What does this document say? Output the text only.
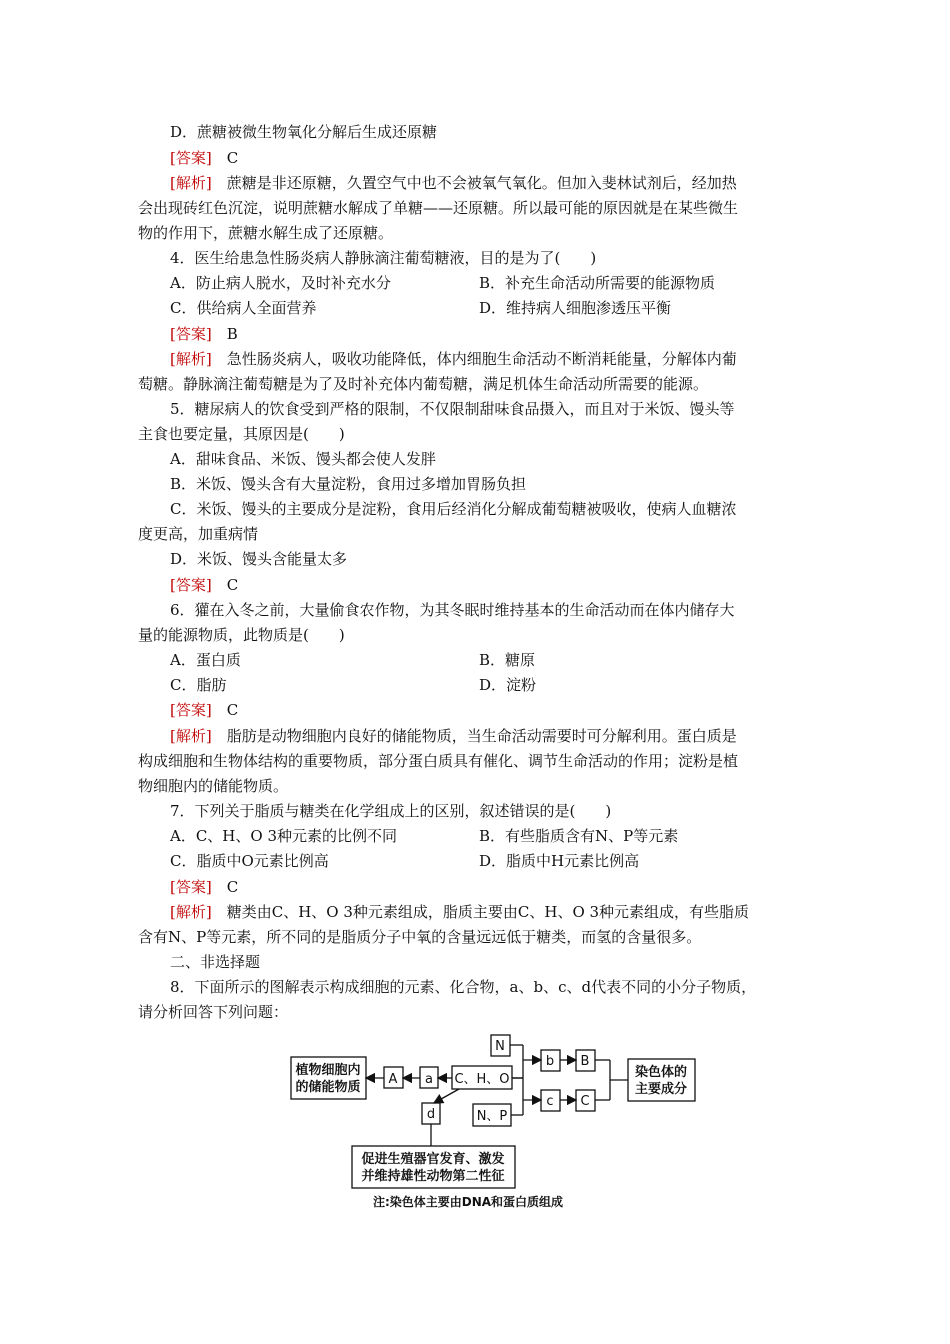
D．蔗糖被微生物氧化分解后生成还原糖
[答案]　C
[解析]　蔗糖是非还原糖，久置空气中也不会被氧气氧化。但加入斐林试剂后，经加热
会出现砖红色沉淀，说明蔗糖水解成了单糖——还原糖。所以最可能的原因就是在某些微生
物的作用下，蔗糖水解生成了还原糖。
4．医生给患急性肠炎病人静脉滴注葡萄糖液，目的是为了(　　)
A．防止病人脱水，及时补充水分	B．补充生命活动所需要的能源物质
C．供给病人全面营养	D．维持病人细胞渗透压平衡
[答案]　B
[解析]　急性肠炎病人，吸收功能降低，体内细胞生命活动不断消耗能量，分解体内葡
萄糖。静脉滴注葡萄糖是为了及时补充体内葡萄糖，满足机体生命活动所需要的能源。
5．糖尿病人的饮食受到严格的限制，不仅限制甜味食品摄入，而且对于米饭、馒头等
主食也要定量，其原因是(　　)
A．甜味食品、米饭、馒头都会使人发胖
B．米饭、馒头含有大量淀粉，食用过多增加胃肠负担
C．米饭、馒头的主要成分是淀粉，食用后经消化分解成葡萄糖被吸收，使病人血糖浓
度更高，加重病情
D．米饭、馒头含能量太多
[答案]　C
6．獾在入冬之前，大量偷食农作物，为其冬眠时维持基本的生命活动而在体内储存大
量的能源物质，此物质是(　　)
A．蛋白质	B．糖原
C．脂肪	D．淀粉
[答案]　C
[解析]　脂肪是动物细胞内良好的储能物质，当生命活动需要时可分解利用。蛋白质是
构成细胞和生物体结构的重要物质，部分蛋白质具有催化、调节生命活动的作用；淀粉是植
物细胞内的储能物质。
7．下列关于脂质与糖类在化学组成上的区别，叙述错误的是(　　)
A．C、H、O 3种元素的比例不同	B．有些脂质含有N、P等元素
C．脂质中O元素比例高	D．脂质中H元素比例高
[答案]　C
[解析]　糖类由C、H、O 3种元素组成，脂质主要由C、H、O 3种元素组成，有些脂质
含有N、P等元素，所不同的是脂质分子中氧的含量远远低于糖类，而氢的含量很多。
二、非选择题
8．下面所示的图解表示构成细胞的元素、化合物，a、b、c、d代表不同的小分子物质，
请分析回答下列问题：
植物细胞内
的储能物质
A a C、H、O
N
N、P
b B
c C
染色体的
主要成分
d
促进生殖器官发育、激发
并维持雄性动物第二性征
注:染色体主要由DNA和蛋白质组成
